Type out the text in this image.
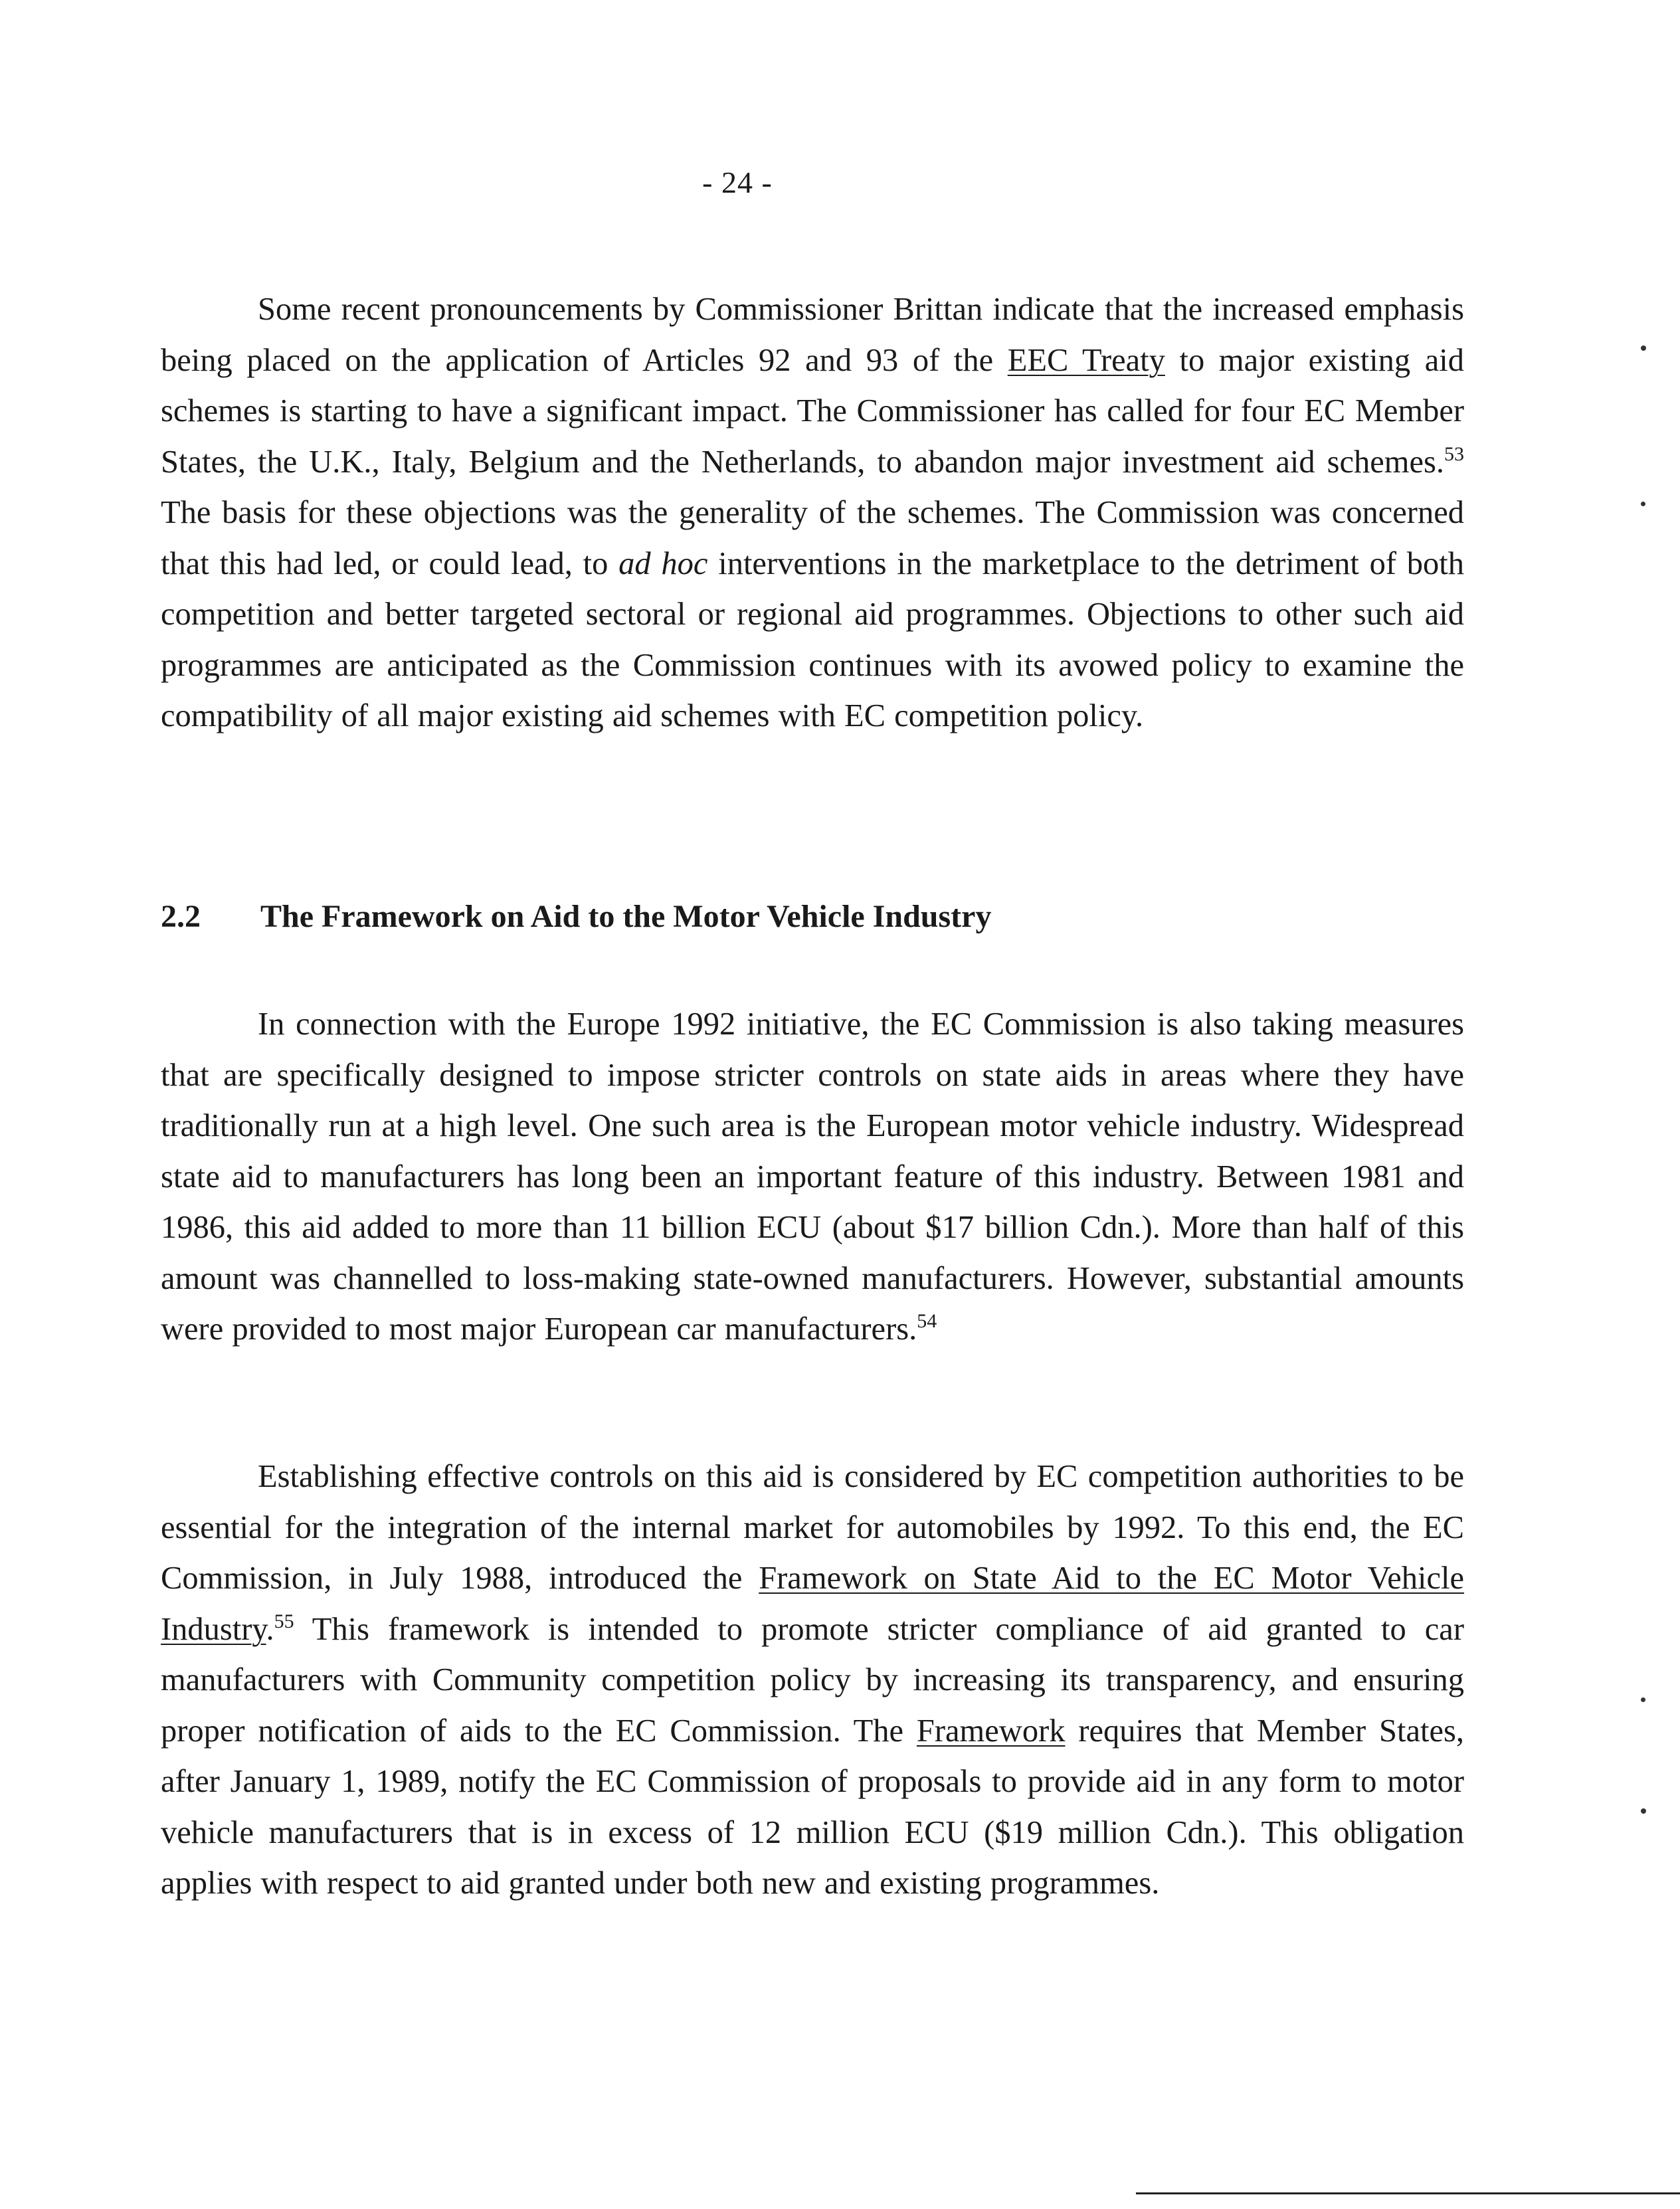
- 24 -

Some recent pronouncements by Commissioner Brittan indicate that the increased emphasis being placed on the application of Articles 92 and 93 of the EEC Treaty to major existing aid schemes is starting to have a significant impact. The Commissioner has called for four EC Member States, the U.K., Italy, Belgium and the Netherlands, to abandon major investment aid schemes.$^{53}$ The basis for these objections was the generality of the schemes. The Commission was concerned that this had led, or could lead, to ad hoc interventions in the marketplace to the detriment of both competition and better targeted sectoral or regional aid programmes. Objections to other such aid programmes are anticipated as the Commission continues with its avowed policy to examine the compatibility of all major existing aid schemes with EC competition policy.

2.2 The Framework on Aid to the Motor Vehicle Industry

In connection with the Europe 1992 initiative, the EC Commission is also taking measures that are specifically designed to impose stricter controls on state aids in areas where they have traditionally run at a high level. One such area is the European motor vehicle industry. Widespread state aid to manufacturers has long been an important feature of this industry. Between 1981 and 1986, this aid added to more than 11 billion ECU (about $17 billion Cdn.). More than half of this amount was channelled to loss-making state-owned manufacturers. However, substantial amounts were provided to most major European car manufacturers.$^{54}$

Establishing effective controls on this aid is considered by EC competition authorities to be essential for the integration of the internal market for automobiles by 1992. To this end, the EC Commission, in July 1988, introduced the Framework on State Aid to the EC Motor Vehicle Industry.$^{55}$ This framework is intended to promote stricter compliance of aid granted to car manufacturers with Community competition policy by increasing its transparency, and ensuring proper notification of aids to the EC Commission. The Framework requires that Member States, after January 1, 1989, notify the EC Commission of proposals to provide aid in any form to motor vehicle manufacturers that is in excess of 12 million ECU ($19 million Cdn.). This obligation applies with respect to aid granted under both new and existing programmes.
